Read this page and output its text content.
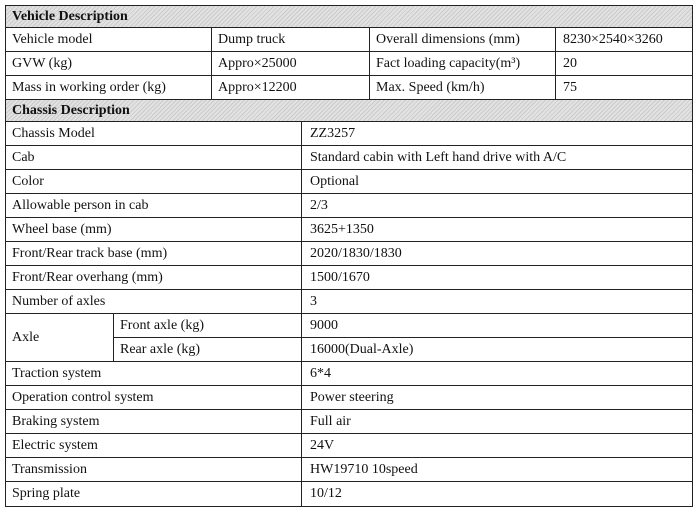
Vehicle Description
Vehicle model	Dump truck	Overall dimensions (mm)	8230×2540×3260
GVW (kg)	Appro×25000	Fact loading capacity(m³)	20
Mass in working order (kg)	Appro×12200	Max. Speed (km/h)	75
Chassis Description
Chassis Model	ZZ3257
Cab	Standard cabin with Left hand drive with A/C
Color	Optional
Allowable person in cab	2/3
Wheel base (mm)	3625+1350
Front/Rear track base (mm)	2020/1830/1830
Front/Rear overhang (mm)	1500/1670
Number of axles	3
Axle
Front axle (kg)	9000
Rear axle (kg)	16000(Dual-Axle)
Traction system	6*4
Operation control system	Power steering
Braking system	Full air
Electric system	24V
Transmission	HW19710 10speed
Spring plate	10/12
